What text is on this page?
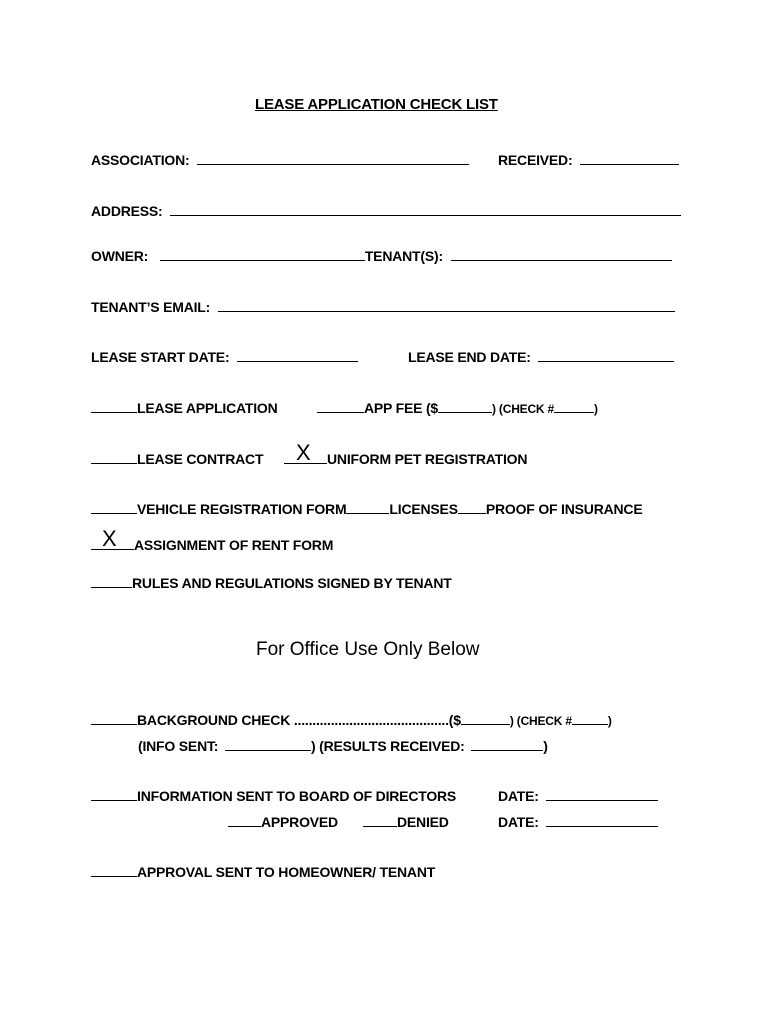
LEASE APPLICATION CHECK LIST
ASSOCIATION:	RECEIVED:
ADDRESS:
OWNER:	TENANT(S):
TENANT’S EMAIL:
LEASE START DATE:	LEASE END DATE:
LEASE APPLICATION	APP FEE ($	) (CHECK #	)
LEASE CONTRACT	UNIFORM PET REGISTRATION
X
VEHICLE REGISTRATION FORM	LICENSES PROOF OF INSURANCE
ASSIGNMENT OF RENT FORM
X
RULES AND REGULATIONS SIGNED BY TENANT
For Office Use Only Below
BACKGROUND CHECK ..........................................($	) (CHECK #	)
(INFO SENT:	) (RESULTS RECEIVED:	)
INFORMATION SENT TO BOARD OF DIRECTORS	DATE:
APPROVED	DENIED	DATE:
APPROVAL SENT TO HOMEOWNER/ TENANT
